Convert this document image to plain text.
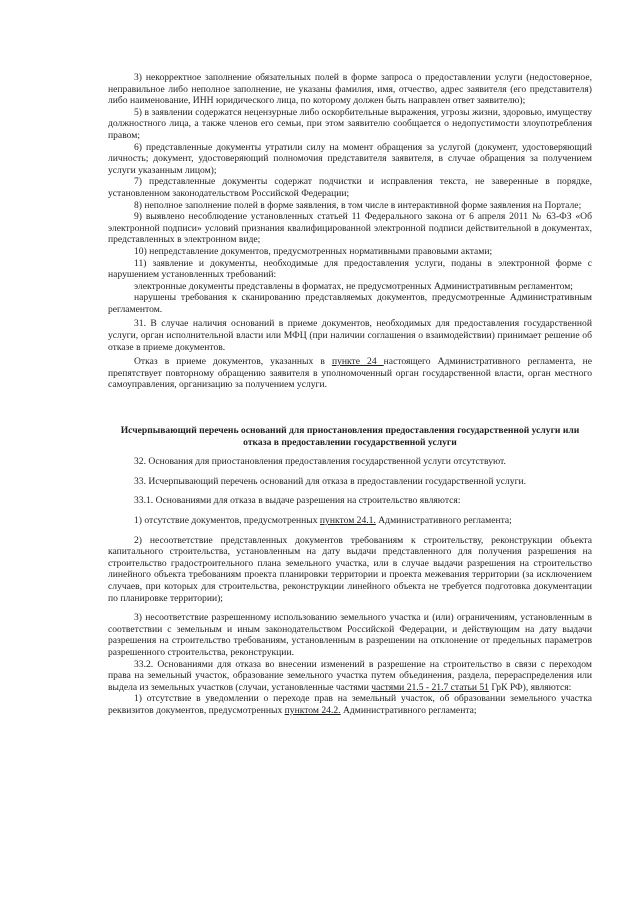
3) некорректное заполнение обязательных полей в форме запроса о предоставлении услуги (недостоверное, неправильное либо неполное заполнение, не указаны фамилия, имя, отчество, адрес заявителя (его представителя) либо наименование, ИНН юридического лица, по которому должен быть направлен ответ заявителю);

5) в заявлении содержатся нецензурные либо оскорбительные выражения, угрозы жизни, здоровью, имуществу должностного лица, а также членов его семьи, при этом заявителю сообщается о недопустимости злоупотребления правом;

6) представленные документы утратили силу на момент обращения за услугой (документ, удостоверяющий личность; документ, удостоверяющий полномочия представителя заявителя, в случае обращения за получением услуги указанным лицом);

7) представленные документы содержат подчистки и исправления текста, не заверенные в порядке, установленном законодательством Российской Федерации;

8) неполное заполнение полей в форме заявления, в том числе в интерактивной форме заявления на Портале;

9) выявлено несоблюдение установленных статьей 11 Федерального закона от 6 апреля 2011 № 63-ФЗ «Об электронной подписи» условий признания квалифицированной электронной подписи действительной в документах, представленных в электронном виде;

10) непредставление документов, предусмотренных нормативными правовыми актами;

11) заявление и документы, необходимые для предоставления услуги, поданы в электронной форме с нарушением установленных требований:

электронные документы представлены в форматах, не предусмотренных Административным регламентом;

нарушены требования к сканированию представляемых документов, предусмотренные Административным регламентом.

31. В случае наличия оснований в приеме документов, необходимых для предоставления государственной услуги, орган исполнительной власти или МФЦ (при наличии соглашения о взаимодействии) принимает решение об отказе в приеме документов.

Отказ в приеме документов, указанных в пункте 24 настоящего Административного регламента, не препятствует повторному обращению заявителя в уполномоченный орган государственной власти, орган местного самоуправления, организацию за получением услуги.

Исчерпывающий перечень оснований для приостановления предоставления государственной услуги или отказа в предоставлении государственной услуги

32. Основания для приостановления предоставления государственной услуги отсутствуют.

33. Исчерпывающий перечень оснований для отказа в предоставлении государственной услуги.

33.1. Основаниями для отказа в выдаче разрешения на строительство являются:

1) отсутствие документов, предусмотренных пунктом 24.1. Административного регламента;

2) несоответствие представленных документов требованиям к строительству, реконструкции объекта капитального строительства, установленным на дату выдачи представленного для получения разрешения на строительство градостроительного плана земельного участка, или в случае выдачи разрешения на строительство линейного объекта требованиям проекта планировки территории и проекта межевания территории (за исключением случаев, при которых для строительства, реконструкции линейного объекта не требуется подготовка документации по планировке территории);

3) несоответствие разрешенному использованию земельного участка и (или) ограничениям, установленным в соответствии с земельным и иным законодательством Российской Федерации, и действующим на дату выдачи разрешения на строительство требованиям, установленным в разрешении на отклонение от предельных параметров разрешенного строительства, реконструкции.

33.2. Основаниями для отказа во внесении изменений в разрешение на строительство в связи с переходом права на земельный участок, образование земельного участка путем объединения, раздела, перераспределения или выдела из земельных участков (случаи, установленные частями частями 21.5 - 21.7 статьи 51 ГрК РФ), являются:

1) отсутствие в уведомлении о переходе прав на земельный участок, об образовании земельного участка реквизитов документов, предусмотренных пунктом 24.2. Административного регламента;
